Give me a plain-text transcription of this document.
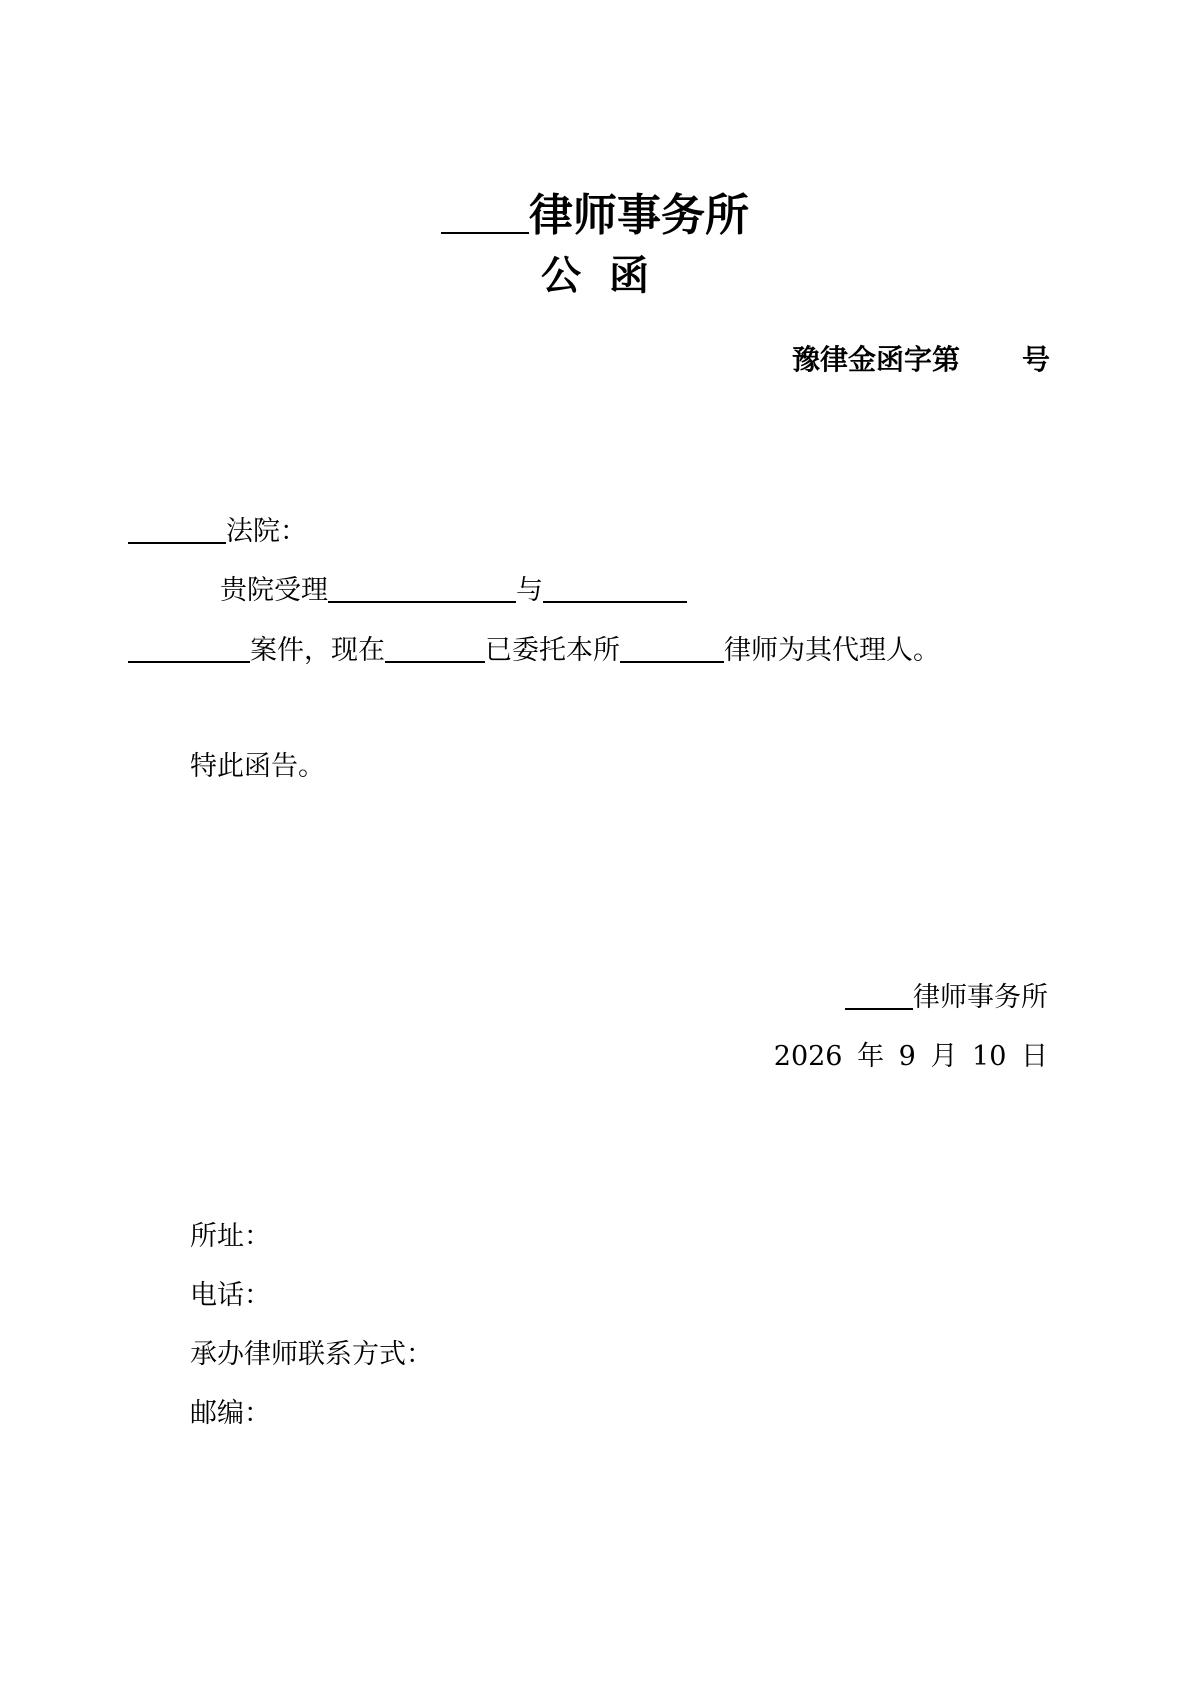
律师事务所
公函
豫律金函字第 号
法院：
贵院受理	与
案件，现在	已委托本所	律师为其代理人。
特此函告。
律师事务所
2026 年 9 月 10 日
所址：
电话：
承办律师联系方式：
邮编：
